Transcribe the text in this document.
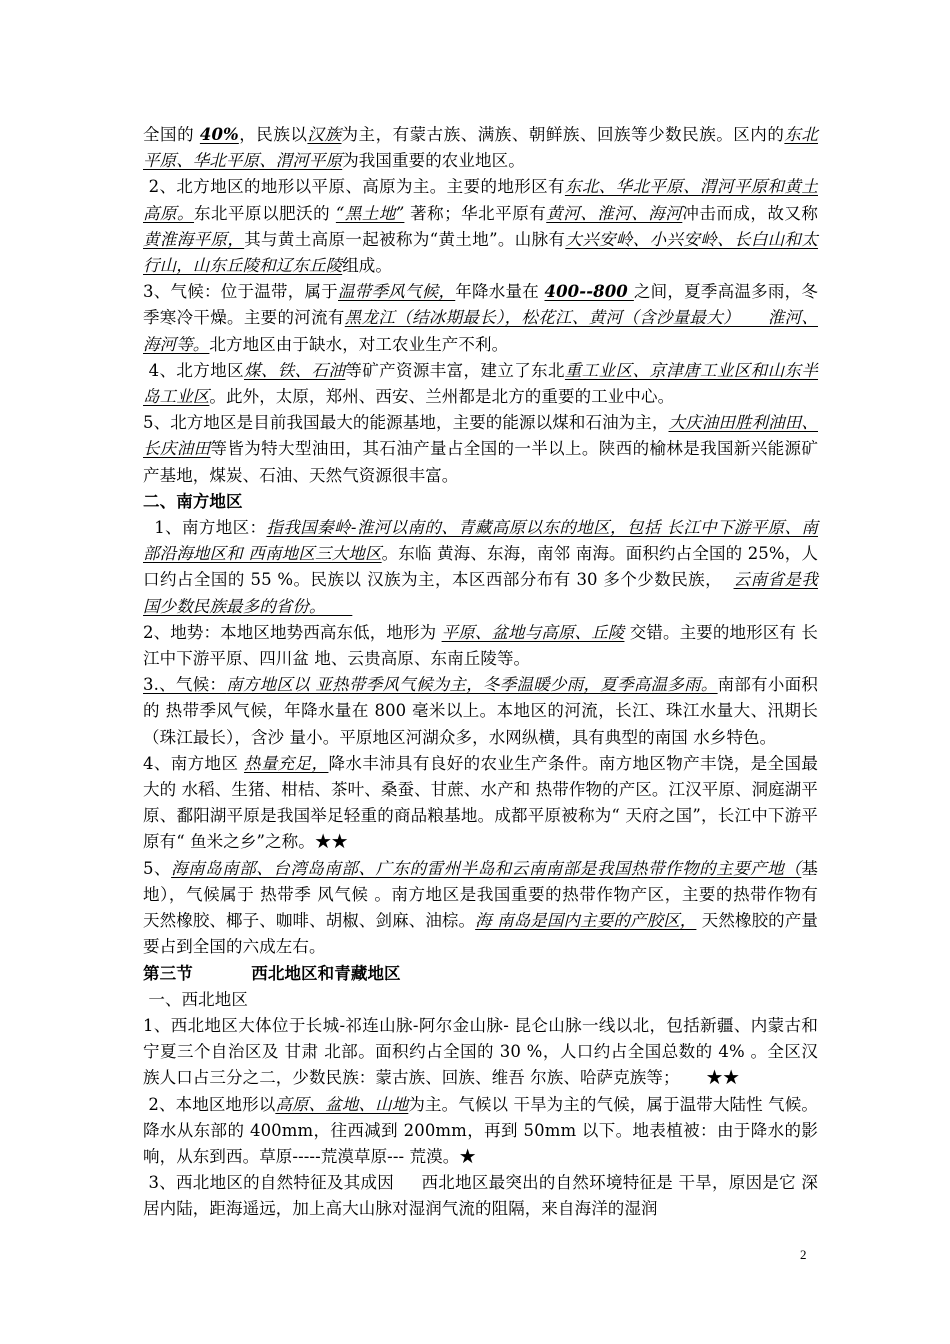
全国的 40%，民族以汉族为主，有蒙古族、满族、朝鲜族、回族等少数民族。区内的东北平原、华北平原、渭河平原为我国重要的农业地区。

2、北方地区的地形以平原、高原为主。主要的地形区有东北、华北平原、渭河平原和黄土高原。东北平原以肥沃的 “黑土地” 著称；华北平原有黄河、淮河、海河冲击而成，故又称黄淮海平原，其与黄土高原一起被称为“黄土地”。山脉有大兴安岭、小兴安岭、长白山和太行山，山东丘陵和辽东丘陵组成。

3、气候：位于温带，属于温带季风气候，年降水量在 400--800 之间，夏季高温多雨，冬季寒冷干燥。主要的河流有黑龙江（结冰期最长），松花江、黄河（含沙量最大）     淮河、海河等。北方地区由于缺水，对工农业生产不利。

4、北方地区煤、铁、石油等矿产资源丰富，建立了东北重工业区、京津唐工业区和山东半岛工业区。此外，太原，郑州、西安、兰州都是北方的重要的工业中心。

5、北方地区是目前我国最大的能源基地，主要的能源以煤和石油为主，大庆油田胜利油田、长庆油田等皆为特大型油田，其石油产量占全国的一半以上。陕西的榆林是我国新兴能源矿产基地，煤炭、石油、天然气资源很丰富。

二、南方地区

1、南方地区：指我国秦岭-淮河以南的、青藏高原以东的地区，包括 长江中下游平原、南部沿海地区和 西南地区三大地区。东临 黄海、东海，南邻 南海。面积约占全国的 25%，人口约占全国的 55 %。民族以 汉族为主，本区西部分布有 30 多个少数民族，  云南省是我国少数民族最多的省份。

2、地势：本地区地势西高东低，地形为 平原、盆地与高原、丘陵 交错。主要的地形区有 长江中下游平原、四川盆 地、云贵高原、东南丘陵等。

3.、气候：南方地区以 亚热带季风气候为主，冬季温暖少雨，夏季高温多雨。南部有小面积的 热带季风气候，年降水量在 800 毫米以上。本地区的河流，长江、珠江水量大、汛期长（珠江最长），含沙 量小。平原地区河湖众多，水网纵横，具有典型的南国 水乡特色。

4、南方地区 热量充足，降水丰沛具有良好的农业生产条件。南方地区物产丰饶，是全国最大的 水稻、生猪、柑桔、茶叶、桑蚕、甘蔗、水产和 热带作物的产区。江汉平原、洞庭湖平原、鄱阳湖平原是我国举足轻重的商品粮基地。成都平原被称为“ 天府之国”，长江中下游平原有“ 鱼米之乡”之称。★★

5、海南岛南部、台湾岛南部、广东的雷州半岛和云南南部是我国热带作物的主要产地（基地），气候属于 热带季 风气候 。南方地区是我国重要的热带作物产区，主要的热带作物有 天然橡胶、椰子、咖啡、胡椒、剑麻、油棕。海 南岛是国内主要的产胶区， 天然橡胶的产量要占到全国的六成左右。

第三节          西北地区和青藏地区

一、西北地区

1、西北地区大体位于长城-祁连山脉-阿尔金山脉- 昆仑山脉一线以北，包括新疆、内蒙古和 宁夏三个自治区及 甘肃 北部。面积约占全国的 30 %，人口约占全国总数的 4% 。全区汉族人口占三分之二，少数民族：蒙古族、回族、维吾 尔族、哈萨克族等；     ★★

2、本地区地形以高原、盆地、山地为主。气候以 干旱为主的气候，属于温带大陆性 气候。降水从东部的 400mm，往西减到 200mm，再到 50mm 以下。地表植被：由于降水的影响，从东到西。草原-----荒漠草原--- 荒漠。★

3、西北地区的自然特征及其成因     西北地区最突出的自然环境特征是 干旱，原因是它 深居内陆，距海遥远，加上高大山脉对湿润气流的阻隔，来自海洋的湿润

2
